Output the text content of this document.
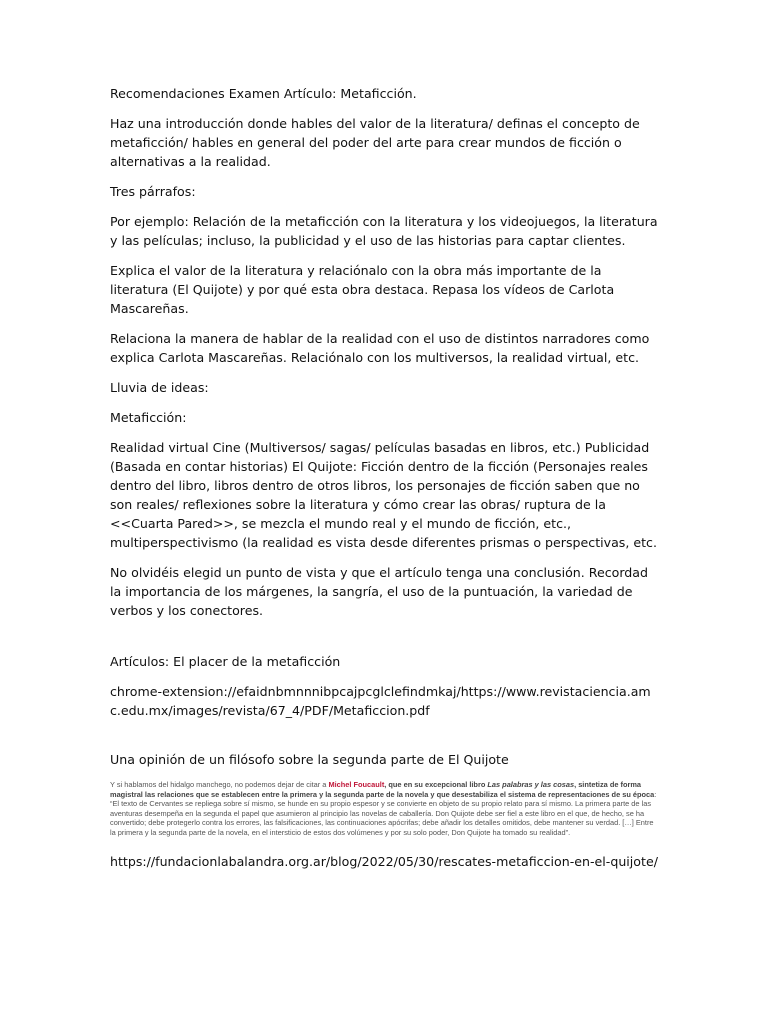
Recomendaciones Examen Artículo: Metaficción.

Haz una introducción donde hables del valor de la literatura/ definas el concepto de metaficción/ hables en general del poder del arte para crear mundos de ficción o alternativas a la realidad.

Tres párrafos:

Por ejemplo: Relación de la metaficción con la literatura y los videojuegos, la literatura y las películas; incluso, la publicidad y el uso de las historias para captar clientes.

Explica el valor de la literatura y relaciónalo con la obra más importante de la literatura (El Quijote) y por qué esta obra destaca. Repasa los vídeos de Carlota Mascareñas.

Relaciona la manera de hablar de la realidad con el uso de distintos narradores como explica Carlota Mascareñas. Relaciónalo con los multiversos, la realidad virtual, etc.

Lluvia de ideas:

Metaficción:

Realidad virtual Cine (Multiversos/ sagas/ películas basadas en libros, etc.) Publicidad (Basada en contar historias) El Quijote: Ficción dentro de la ficción (Personajes reales dentro del libro, libros dentro de otros libros, los personajes de ficción saben que no son reales/ reflexiones sobre la literatura y cómo crear las obras/ ruptura de la <<Cuarta Pared>>, se mezcla el mundo real y el mundo de ficción, etc., multiperspectivismo (la realidad es vista desde diferentes prismas o perspectivas, etc.

No olvidéis elegid un punto de vista y que el artículo tenga una conclusión. Recordad la importancia de los márgenes, la sangría, el uso de la puntuación, la variedad de verbos y los conectores.

Artículos: El placer de la metaficción

chrome-extension://efaidnbmnnnibpcajpcglclefindmkaj/https://www.revistaciencia.amc.edu.mx/images/revista/67_4/PDF/Metaficcion.pdf

Una opinión de un filósofo sobre la segunda parte de El Quijote

Y si hablamos del hidalgo manchego, no podemos dejar de citar a Michel Foucault, que en su excepcional libro Las palabras y las cosas, sintetiza de forma magistral las relaciones que se establecen entre la primera y la segunda parte de la novela y que desestabiliza el sistema de representaciones de su época: “El texto de Cervantes se repliega sobre sí mismo, se hunde en su propio espesor y se convierte en objeto de su propio relato para sí mismo. La primera parte de las aventuras desempeña en la segunda el papel que asumieron al principio las novelas de caballería. Don Quijote debe ser fiel a este libro en el que, de hecho, se ha convertido; debe protegerlo contra los errores, las falsificaciones, las continuaciones apócrifas; debe añadir los detalles omitidos, debe mantener su verdad. […] Entre la primera y la segunda parte de la novela, en el intersticio de estos dos volúmenes y por su solo poder, Don Quijote ha tomado su realidad”.

https://fundacionlabalandra.org.ar/blog/2022/05/30/rescates-metaficcion-en-el-quijote/
